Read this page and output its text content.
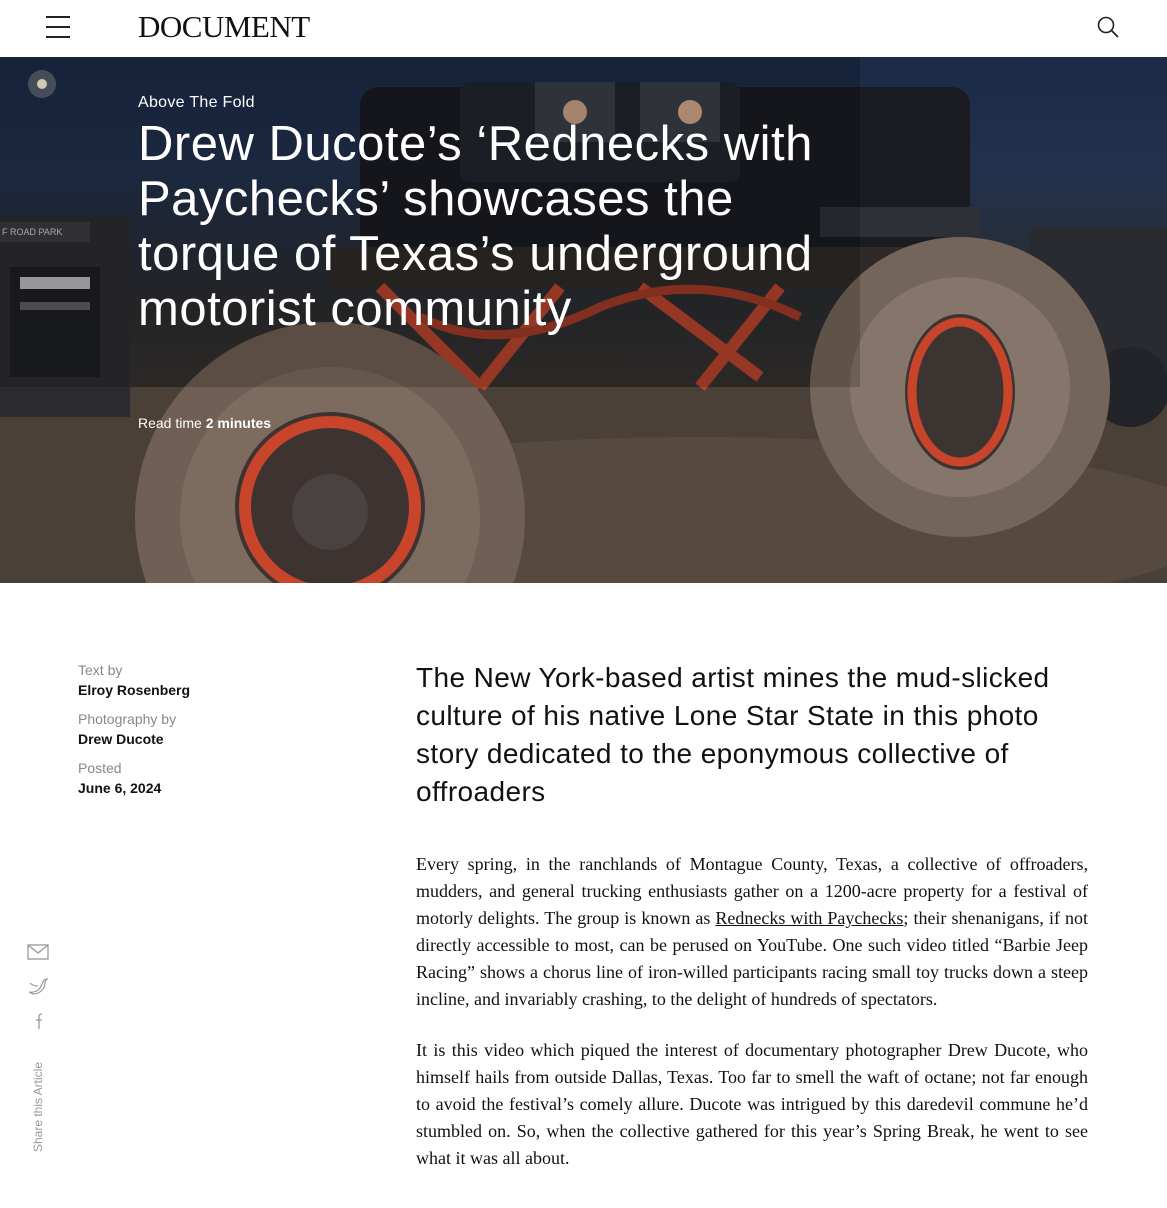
DOCUMENT
F ROAD PARK
Above The Fold
Drew Ducote’s ‘Rednecks with Paychecks’ showcases the torque of Texas’s underground motorist community
Read time 2 minutes
Text by
Elroy Rosenberg
Photography by
Drew Ducote
Posted
June 6, 2024
The New York-based artist mines the mud-slicked culture of his native Lone Star State in this photo story dedicated to the eponymous collective of offroaders

Every spring, in the ranchlands of Montague County, Texas, a collective of offroaders, mudders, and general trucking enthusiasts gather on a 1200-acre property for a festival of motorly delights. The group is known as Rednecks with Paychecks; their shenanigans, if not directly accessible to most, can be perused on YouTube. One such video titled “Barbie Jeep Racing” shows a chorus line of iron-willed participants racing small toy trucks down a steep incline, and invariably crashing, to the delight of hundreds of spectators.

It is this video which piqued the interest of documentary photographer Drew Ducote, who himself hails from outside Dallas, Texas. Too far to smell the waft of octane; not far enough to avoid the festival’s comely allure. Ducote was intrigued by this daredevil commune he’d stumbled on. So, when the collective gathered for this year’s Spring Break, he went to see what it was all about.

Share this Article
